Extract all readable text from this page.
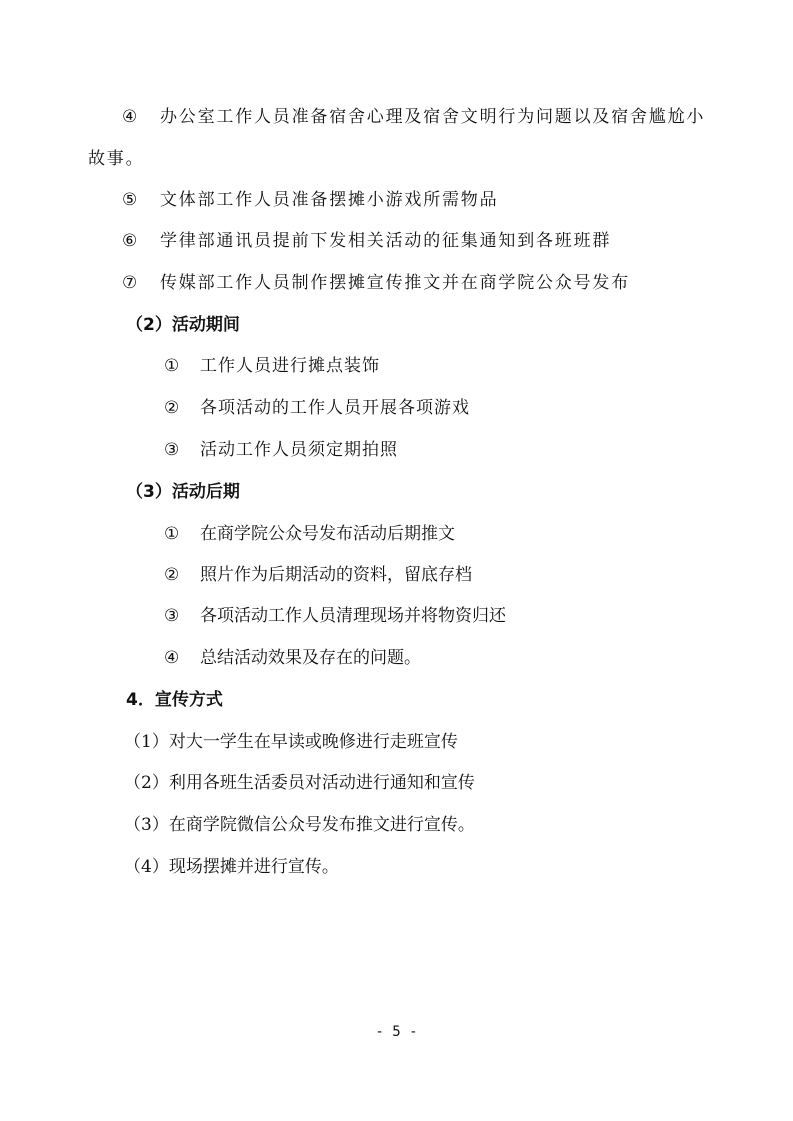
④ 办公室工作人员准备宿舍心理及宿舍文明行为问题以及宿舍尴尬小
故事。
⑤ 文体部工作人员准备摆摊小游戏所需物品
⑥ 学律部通讯员提前下发相关活动的征集通知到各班班群
⑦ 传媒部工作人员制作摆摊宣传推文并在商学院公众号发布
（2）活动期间
① 工作人员进行摊点装饰
② 各项活动的工作人员开展各项游戏
③ 活动工作人员须定期拍照
（3）活动后期
① 在商学院公众号发布活动后期推文
② 照片作为后期活动的资料，留底存档
③ 各项活动工作人员清理现场并将物资归还
④ 总结活动效果及存在的问题。
4．宣传方式
（1）对大一学生在早读或晚修进行走班宣传
（2）利用各班生活委员对活动进行通知和宣传
（3）在商学院微信公众号发布推文进行宣传。
（4）现场摆摊并进行宣传。
- 5 -
